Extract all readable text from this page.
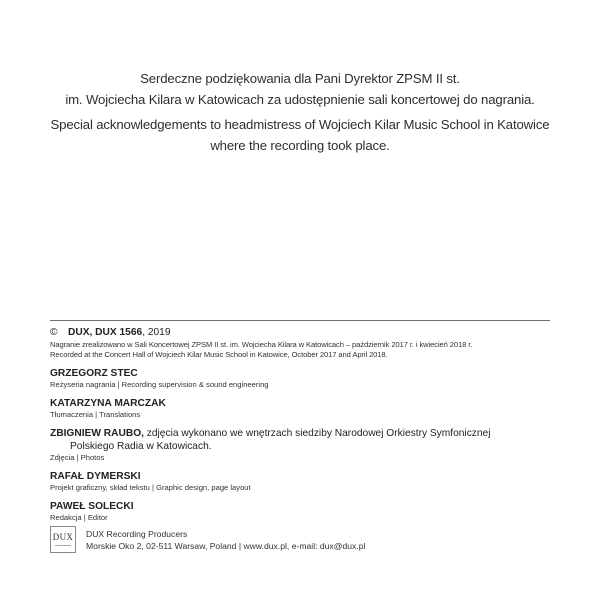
Serdeczne podziękowania dla Pani Dyrektor ZPSM II st.

im. Wojciecha Kilara w Katowicach za udostępnienie sali koncertowej do nagrania.

Special acknowledgements to headmistress of Wojciech Kilar Music School in Katowice

where the recording took place.

© DUX, DUX 1566, 2019
Nagranie zrealizowano w Sali Koncertowej ZPSM II st. im. Wojciecha Kilara w Katowicach – październik 2017 r. i kwiecień 2018 r.
Recorded at the Concert Hall of Wojciech Kilar Music School in Katowice, October 2017 and April 2018.
GRZEGORZ STEC
Reżyseria nagrania | Recording supervision & sound engineering
KATARZYNA MARCZAK
Tłumaczenia | Translations
ZBIGNIEW RAUBO, zdjęcia wykonano we wnętrzach siedziby Narodowej Orkiestry Symfonicznej
Polskiego Radia w Katowicach.
Zdjęcia | Photos
RAFAŁ DYMERSKI
Projekt graficzny, skład tekstu | Graphic design, page layout
PAWEŁ SOLECKI
Redakcja | Editor
DUX DUX Recording Producers
Morskie Oko 2, 02-511 Warsaw, Poland | www.dux.pl, e-mail: dux@dux.pl
